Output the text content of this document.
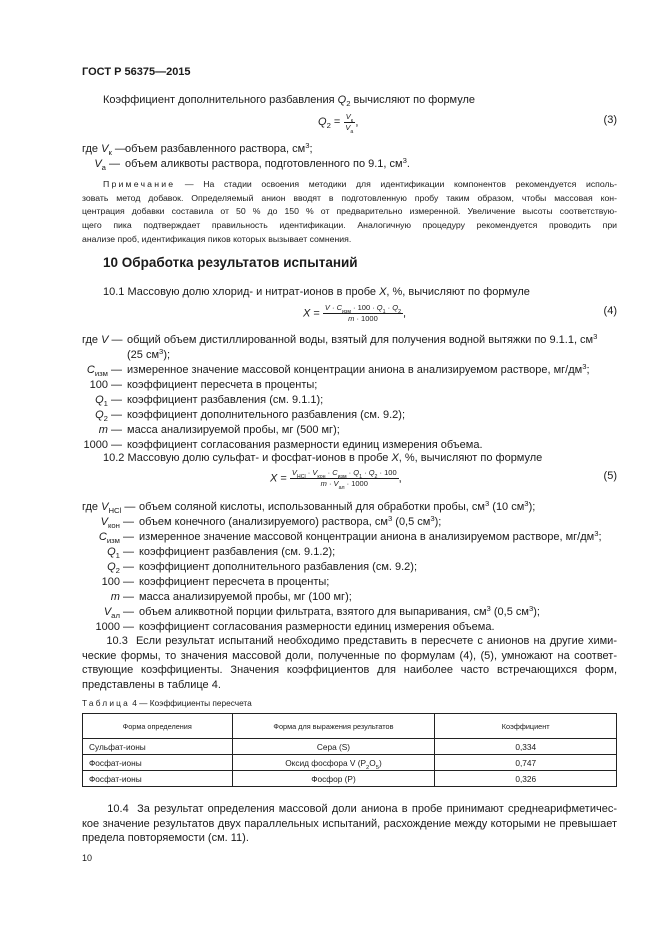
ГОСТ Р 56375—2015
Коэффициент дополнительного разбавления $Q_2$ вычисляют по формуле
$Q_2 = \frac{V_к}{V_а}$ ,	(3)
где $V_к$ — объем разбавленного раствора, $см^3$;
$V_а$ — объем аликвоты раствора, подготовленного по 9.1, $см^3$.
Примечание — На стадии освоения методики для идентификации компонентов рекомендуется исполь-
зовать метод добавок. Определяемый анион вводят в подготовленную пробу таким образом, чтобы массовая кон-
центрация добавки составила от 50 % до 150 % от предварительно измеренной. Увеличение высоты соответствую-
щего пика подтверждает правильность идентификации. Аналогичную процедуру рекомендуется проводить при
анализе проб, идентификация пиков которых вызывает сомнения.
10 Обработка результатов испытаний
10.1 Массовую долю хлорид- и нитрат-ионов в пробе X, %, вычисляют по формуле
$X = \frac{V \cdot C_{изм} \cdot 100 \cdot Q_1 \cdot Q_2}{m \cdot 1000}$ ,	(4)
где V — общий объем дистиллированной воды, взятый для получения водной вытяжки по 9.1.1, $см^3$
(25 $см^3$);
$C_{изм}$ — измеренное значение массовой концентрации аниона в анализируемом растворе, $мг/дм^3$;
100 — коэффициент пересчета в проценты;
$Q_1$ — коэффициент разбавления (см. 9.1.1);
$Q_2$ — коэффициент дополнительного разбавления (см. 9.2);
m — масса анализируемой пробы, мг (500 мг);
1000 — коэффициент согласования размерности единиц измерения объема.
10.2 Массовую долю сульфат- и фосфат-ионов в пробе X, %, вычисляют по формуле
$X = \frac{V_{HCl} \cdot V_{кон} \cdot C_{изм} \cdot Q_1 \cdot Q_2 \cdot 100}{m \cdot V_{ал} \cdot 1000}$ ,	(5)
где $V_{HCl}$ — объем соляной кислоты, использованный для обработки пробы, $см^3$ (10 $см^3$);
$V_{кон}$ — объем конечного (анализируемого) раствора, $см^3$ (0,5 $см^3$);
$C_{изм}$ — измеренное значение массовой концентрации аниона в анализируемом растворе, $мг/дм^3$;
$Q_1$ — коэффициент разбавления (см. 9.1.2);
$Q_2$ — коэффициент дополнительного разбавления (см. 9.2);
100 — коэффициент пересчета в проценты;
m — масса анализируемой пробы, мг (100 мг);
$V_{ал}$ — объем аликвотной порции фильтрата, взятого для выпаривания, $см^3$ (0,5 $см^3$);
1000 — коэффициент согласования размерности единиц измерения объема.
10.3  Если результат испытаний необходимо представить в пересчете с анионов на другие хими-
ческие формы, то значения массовой доли, полученные по формулам (4), (5), умножают на соответ-
ствующие коэффициенты. Значения коэффициентов для наиболее часто встречающихся форм,
представлены в таблице 4.
Таблица 4 — Коэффициенты пересчета
Форма определения	Форма для выражения результатов	Коэффициент
Сульфат-ионы	Сера (S)	0,334
Фосфат-ионы	Оксид фосфора V $(P_2O_5)$	0,747
Фосфат-ионы	Фосфор (P)	0,326
10.4  За результат определения массовой доли аниона в пробе принимают среднеарифметичес-
кое значение результатов двух параллельных испытаний, расхождение между которыми не превышает
предела повторяемости (см. 11).
10
